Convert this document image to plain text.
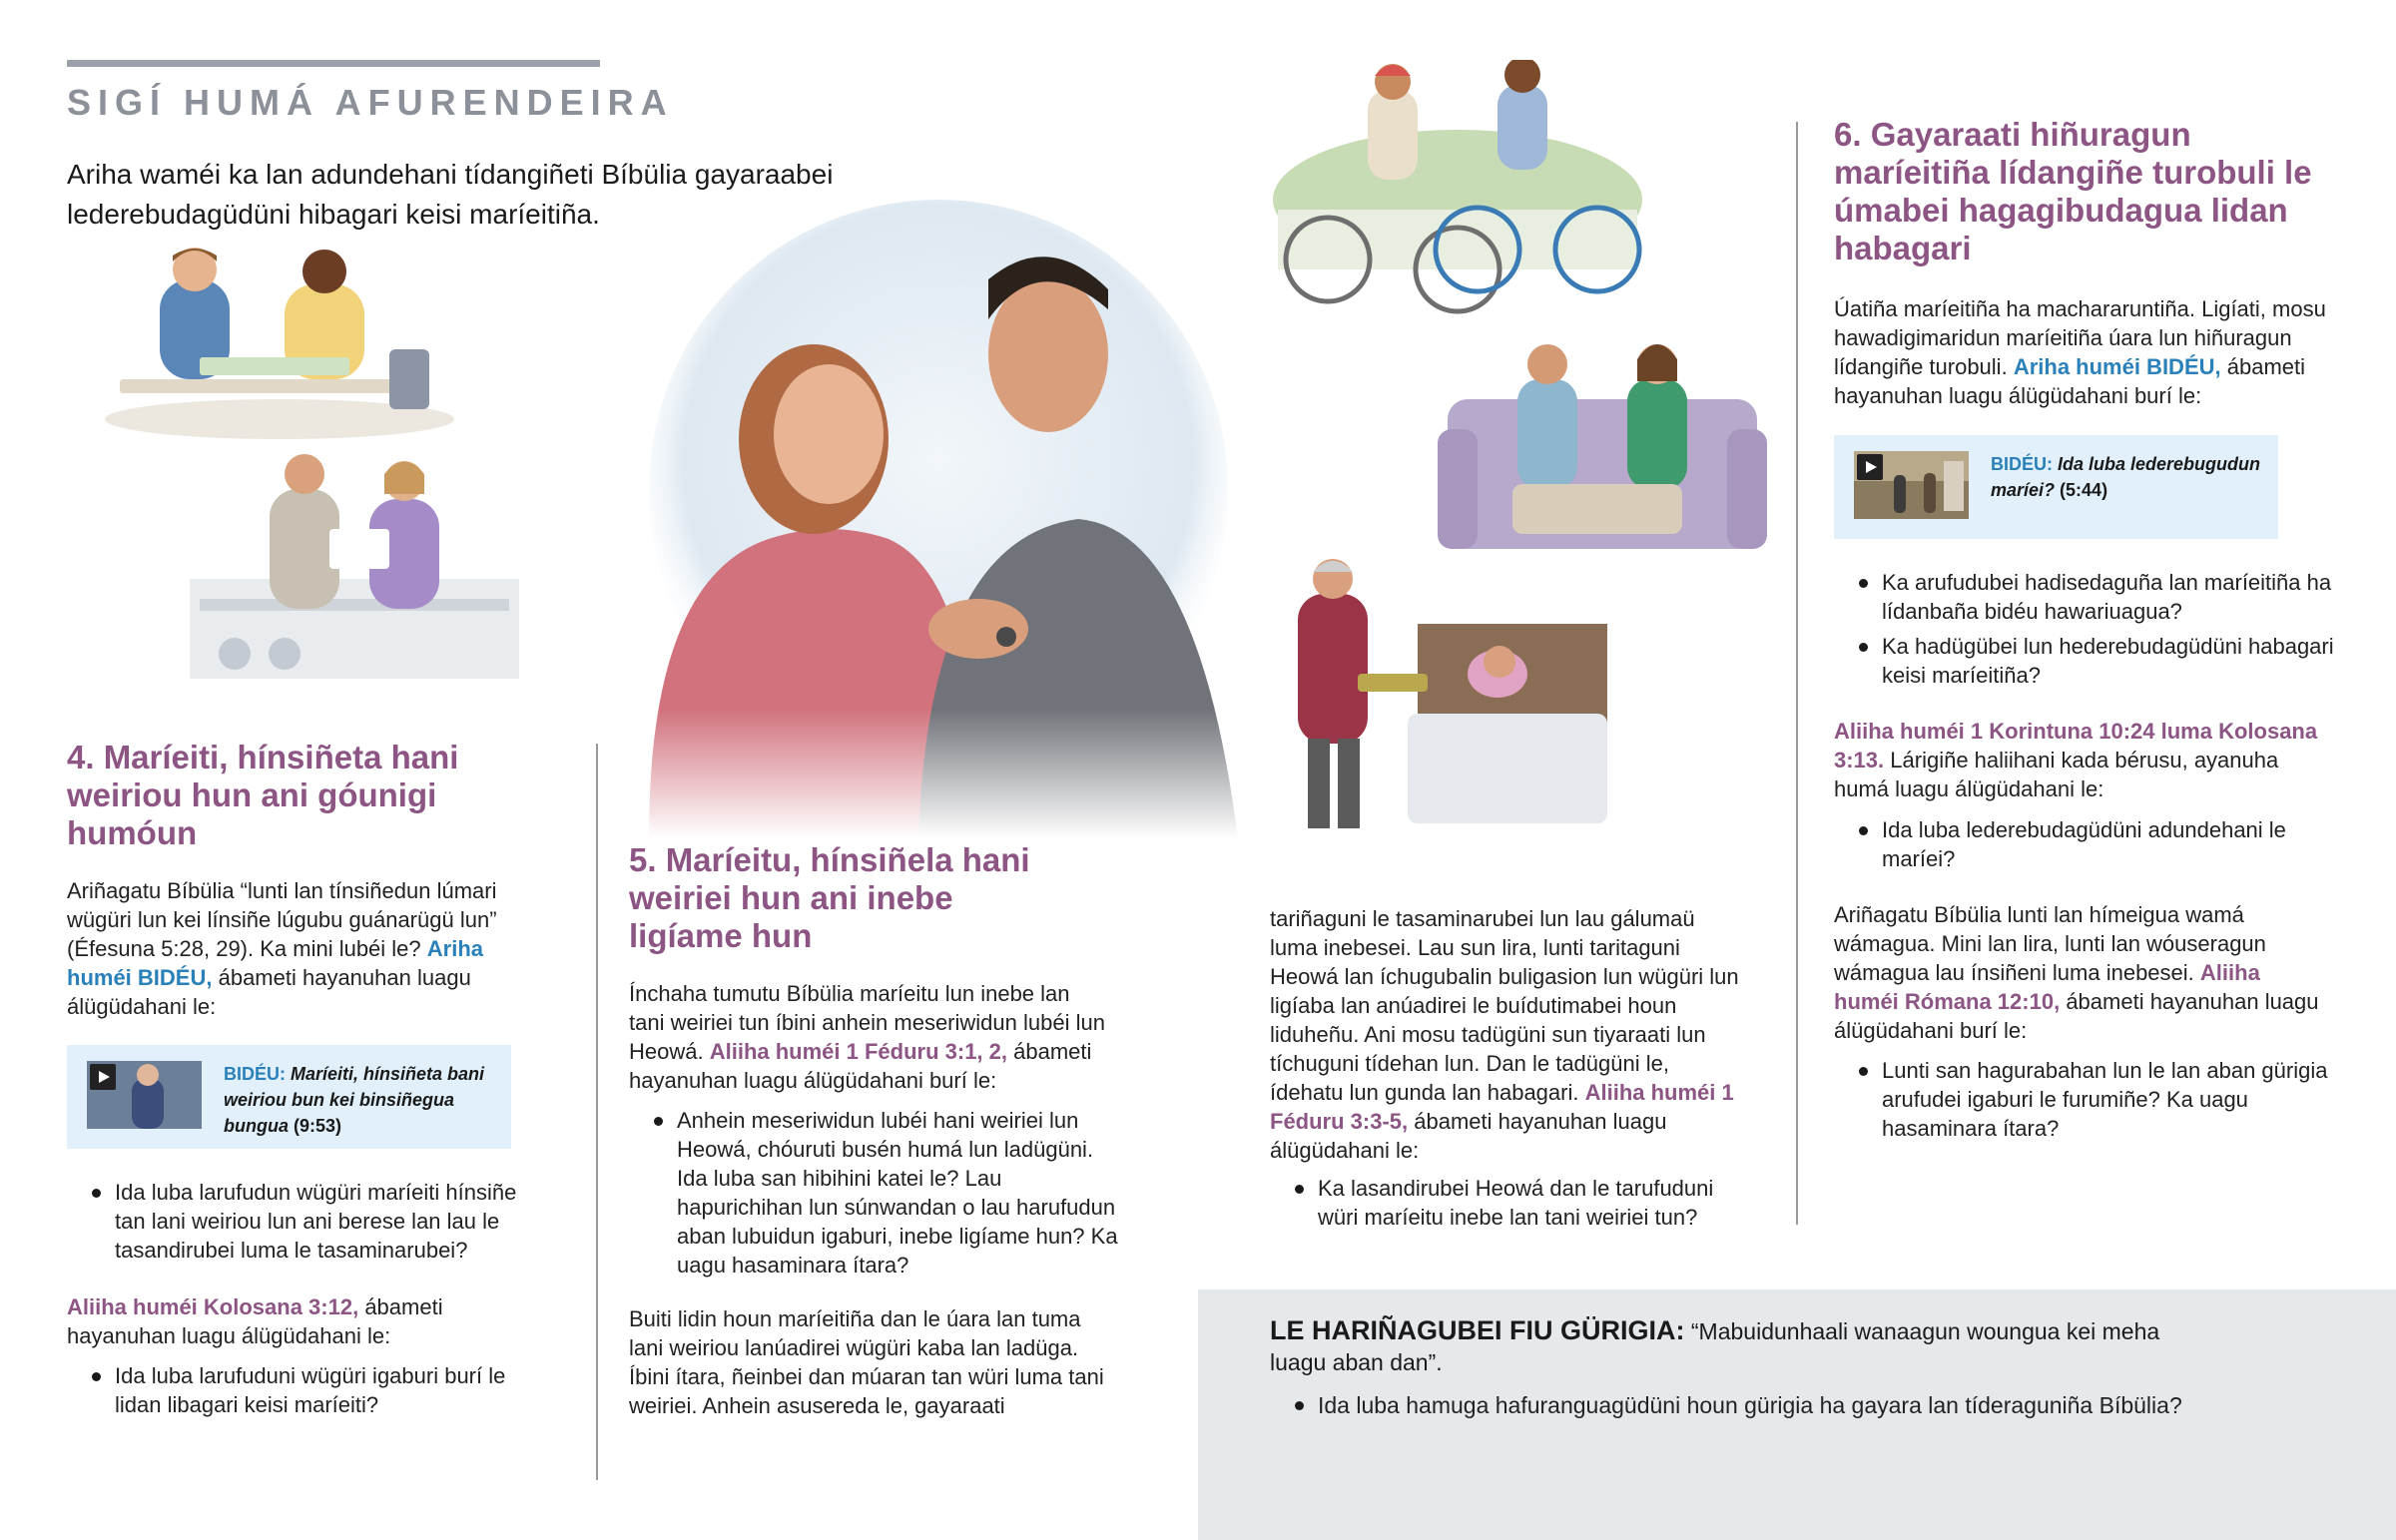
SIGÍ HUMÁ AFURENDEIRA
Ariha waméi ka lan adundehani tídangiñeti Bíbülia gayaraabei lederebudagüdüni hibagari keisi maríeitiña.
4. Maríeiti, hínsiñeta hani weiriou hun ani góunigi humóun
Ariñagatu Bíbülia “lunti lan tínsiñedun lúmari wügüri lun kei línsiñe lúgubu guánarügü lun” (Éfesuna 5:28, 29). Ka mini lubéi le? Ariha huméi BIDÉU, ábameti hayanuhan luagu álügüdahani le:
BIDÉU: Maríeiti, hínsiñeta bani weiriou bun kei binsiñegua bungua (9:53)
Ida luba larufudun wügüri maríeiti hínsiñe tan lani weiriou lun ani berese lan lau le tasandirubei luma le tasaminarubei?
Aliiha huméi Kolosana 3:12, ábameti hayanuhan luagu álügüdahani le:
Ida luba larufuduni wügüri igaburi burí le lidan libagari keisi maríeiti?
5. Maríeitu, hínsiñela hani weiriei hun ani inebe ligíame hun
Ínchaha tumutu Bíbülia maríeitu lun inebe lan tani weiriei tun íbini anhein meseriwidun lubéi lun Heowá. Aliiha huméi 1 Féduru 3:1, 2, ábameti hayanuhan luagu álügüdahani burí le:
Anhein meseriwidun lubéi hani weiriei lun Heowá, chóuruti busén humá lun ladügüni. Ida luba san hibihini katei le? Lau hapurichihan lun súnwandan o lau harufudun aban lubuidun igaburi, inebe ligíame hun? Ka uagu hasaminara ítara?
Buiti lidin houn maríeitiña dan le úara lan tuma lani weiriou lanúadirei wügüri kaba lan ladüga. Íbini ítara, ñeinbei dan múaran tan würi luma tani weiriei. Anhein asusereda le, gayaraati
tariñaguni le tasaminarubei lun lau gálumaü luma inebesei. Lau sun lira, lunti taritaguni Heowá lan íchugubalin buligasion lun wügüri lun ligíaba lan anúadirei le buídutimabei houn liduheñu. Ani mosu tadügüni sun tiyaraati lun tíchuguni tídehan lun. Dan le tadügüni le, ídehatu lun gunda lan habagari. Aliiha huméi 1 Féduru 3:3-5, ábameti hayanuhan luagu álügüdahani le:
Ka lasandirubei Heowá dan le tarufuduni würi maríeitu inebe lan tani weiriei tun?
6. Gayaraati hiñuragun maríeitiña lídangiñe turobuli le úmabei hagagibudagua lidan habagari
Úatiña maríeitiña ha machararuntiña. Ligíati, mosu hawadigimaridun maríeitiña úara lun hiñuragun lídangiñe turobuli. Ariha huméi BIDÉU, ábameti hayanuhan luagu álügüdahani burí le:
BIDÉU: Ida luba lederebugudun maríei? (5:44)
Ka arufudubei hadisedaguña lan maríeitiña ha lídanbaña bidéu hawariuagua?
Ka hadügübei lun hederebudagüdüni habagari keisi maríeitiña?
Aliiha huméi 1 Korintuna 10:24 luma Kolosana 3:13. Lárigiñe haliihani kada bérusu, ayanuha humá luagu álügüdahani le:
Ida luba lederebudagüdüni adundehani le maríei?
Ariñagatu Bíbülia lunti lan hímeigua wamá wámagua. Mini lan lira, lunti lan wóuseragun wámagua lau ínsiñeni luma inebesei. Aliiha huméi Rómana 12:10, ábameti hayanuhan luagu álügüdahani burí le:
Lunti san hagurabahan lun le lan aban gürigia arufudei igaburi le furumiñe? Ka uagu hasaminara ítara?
LE HARIÑAGUBEI FIU GÜRIGIA: “Mabuidunhaali wanaagun woungua kei meha luagu aban dan”.
Ida luba hamuga hafuranguagüdüni houn gürigia ha gayara lan tíderaguniña Bíbülia?
